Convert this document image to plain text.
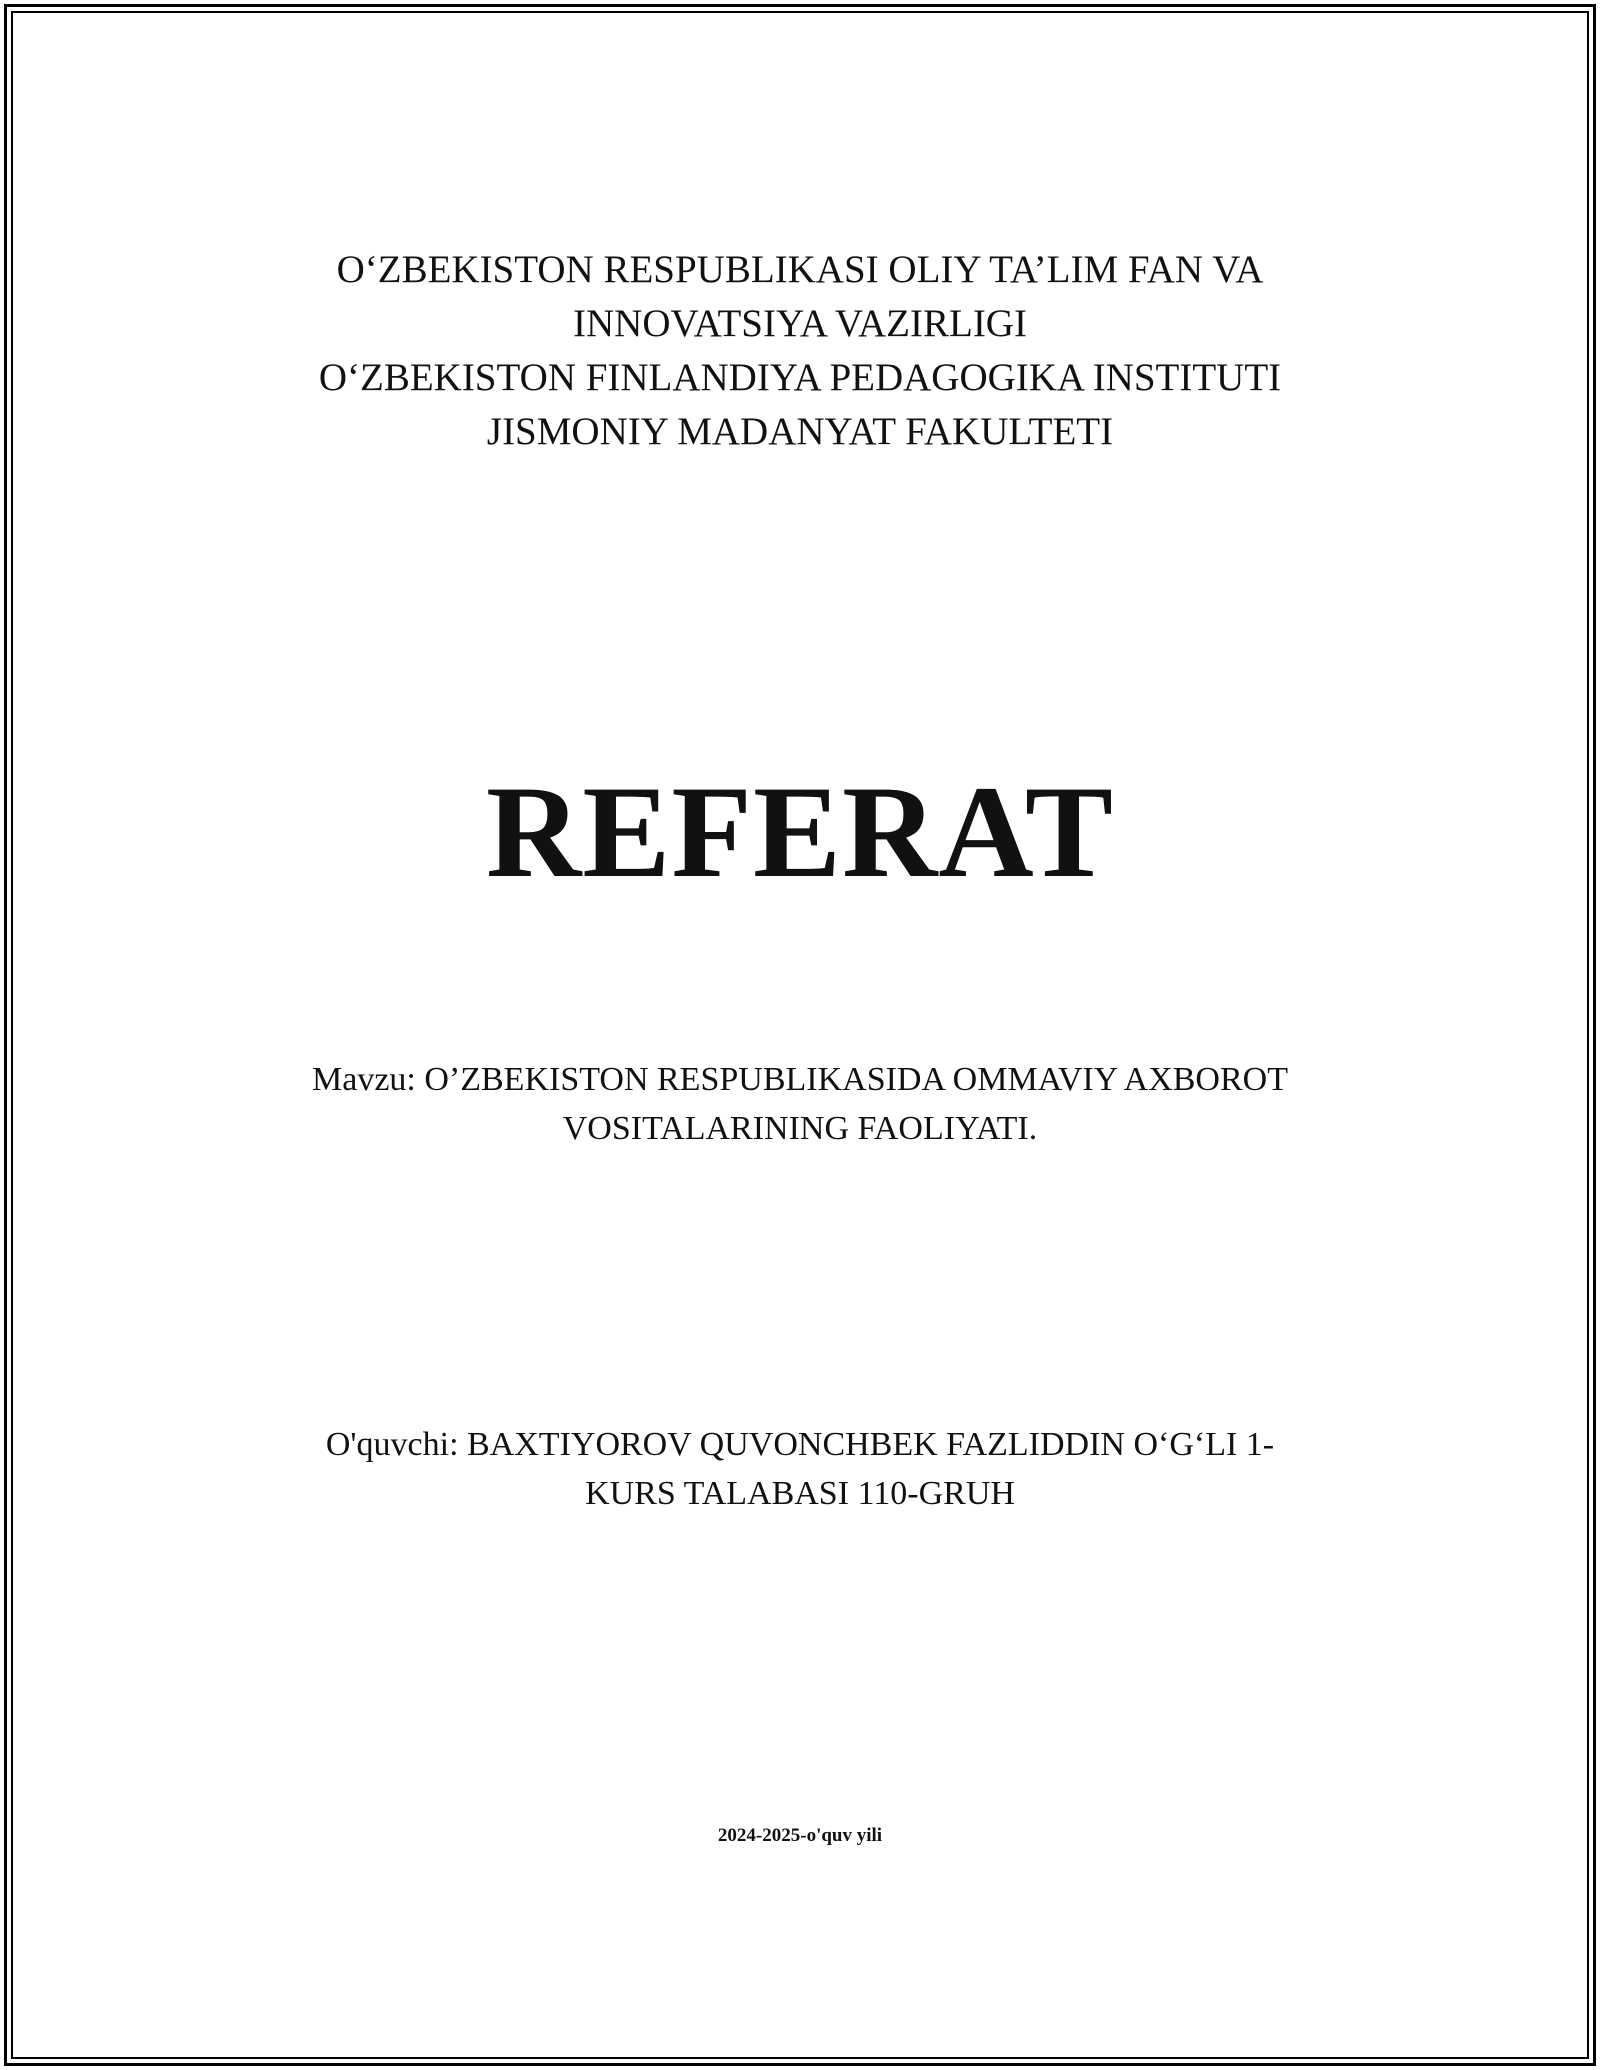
O‘ZBEKISTON RESPUBLIKASI OLIY TA’LIM FAN VA
INNOVATSIYA VAZIRLIGI
O‘ZBEKISTON FINLANDIYA PEDAGOGIKA INSTITUTI
JISMONIY MADANYAT FAKULTETI
REFERAT
Mavzu: O’ZBEKISTON RESPUBLIKASIDA OMMAVIY AXBOROT
VOSITALARINING FAOLIYATI.
O'quvchi: BAXTIYOROV QUVONCHBEK FAZLIDDIN O‘G‘LI 1-
KURS TALABASI 110-GRUH
2024-2025-o'quv yili
